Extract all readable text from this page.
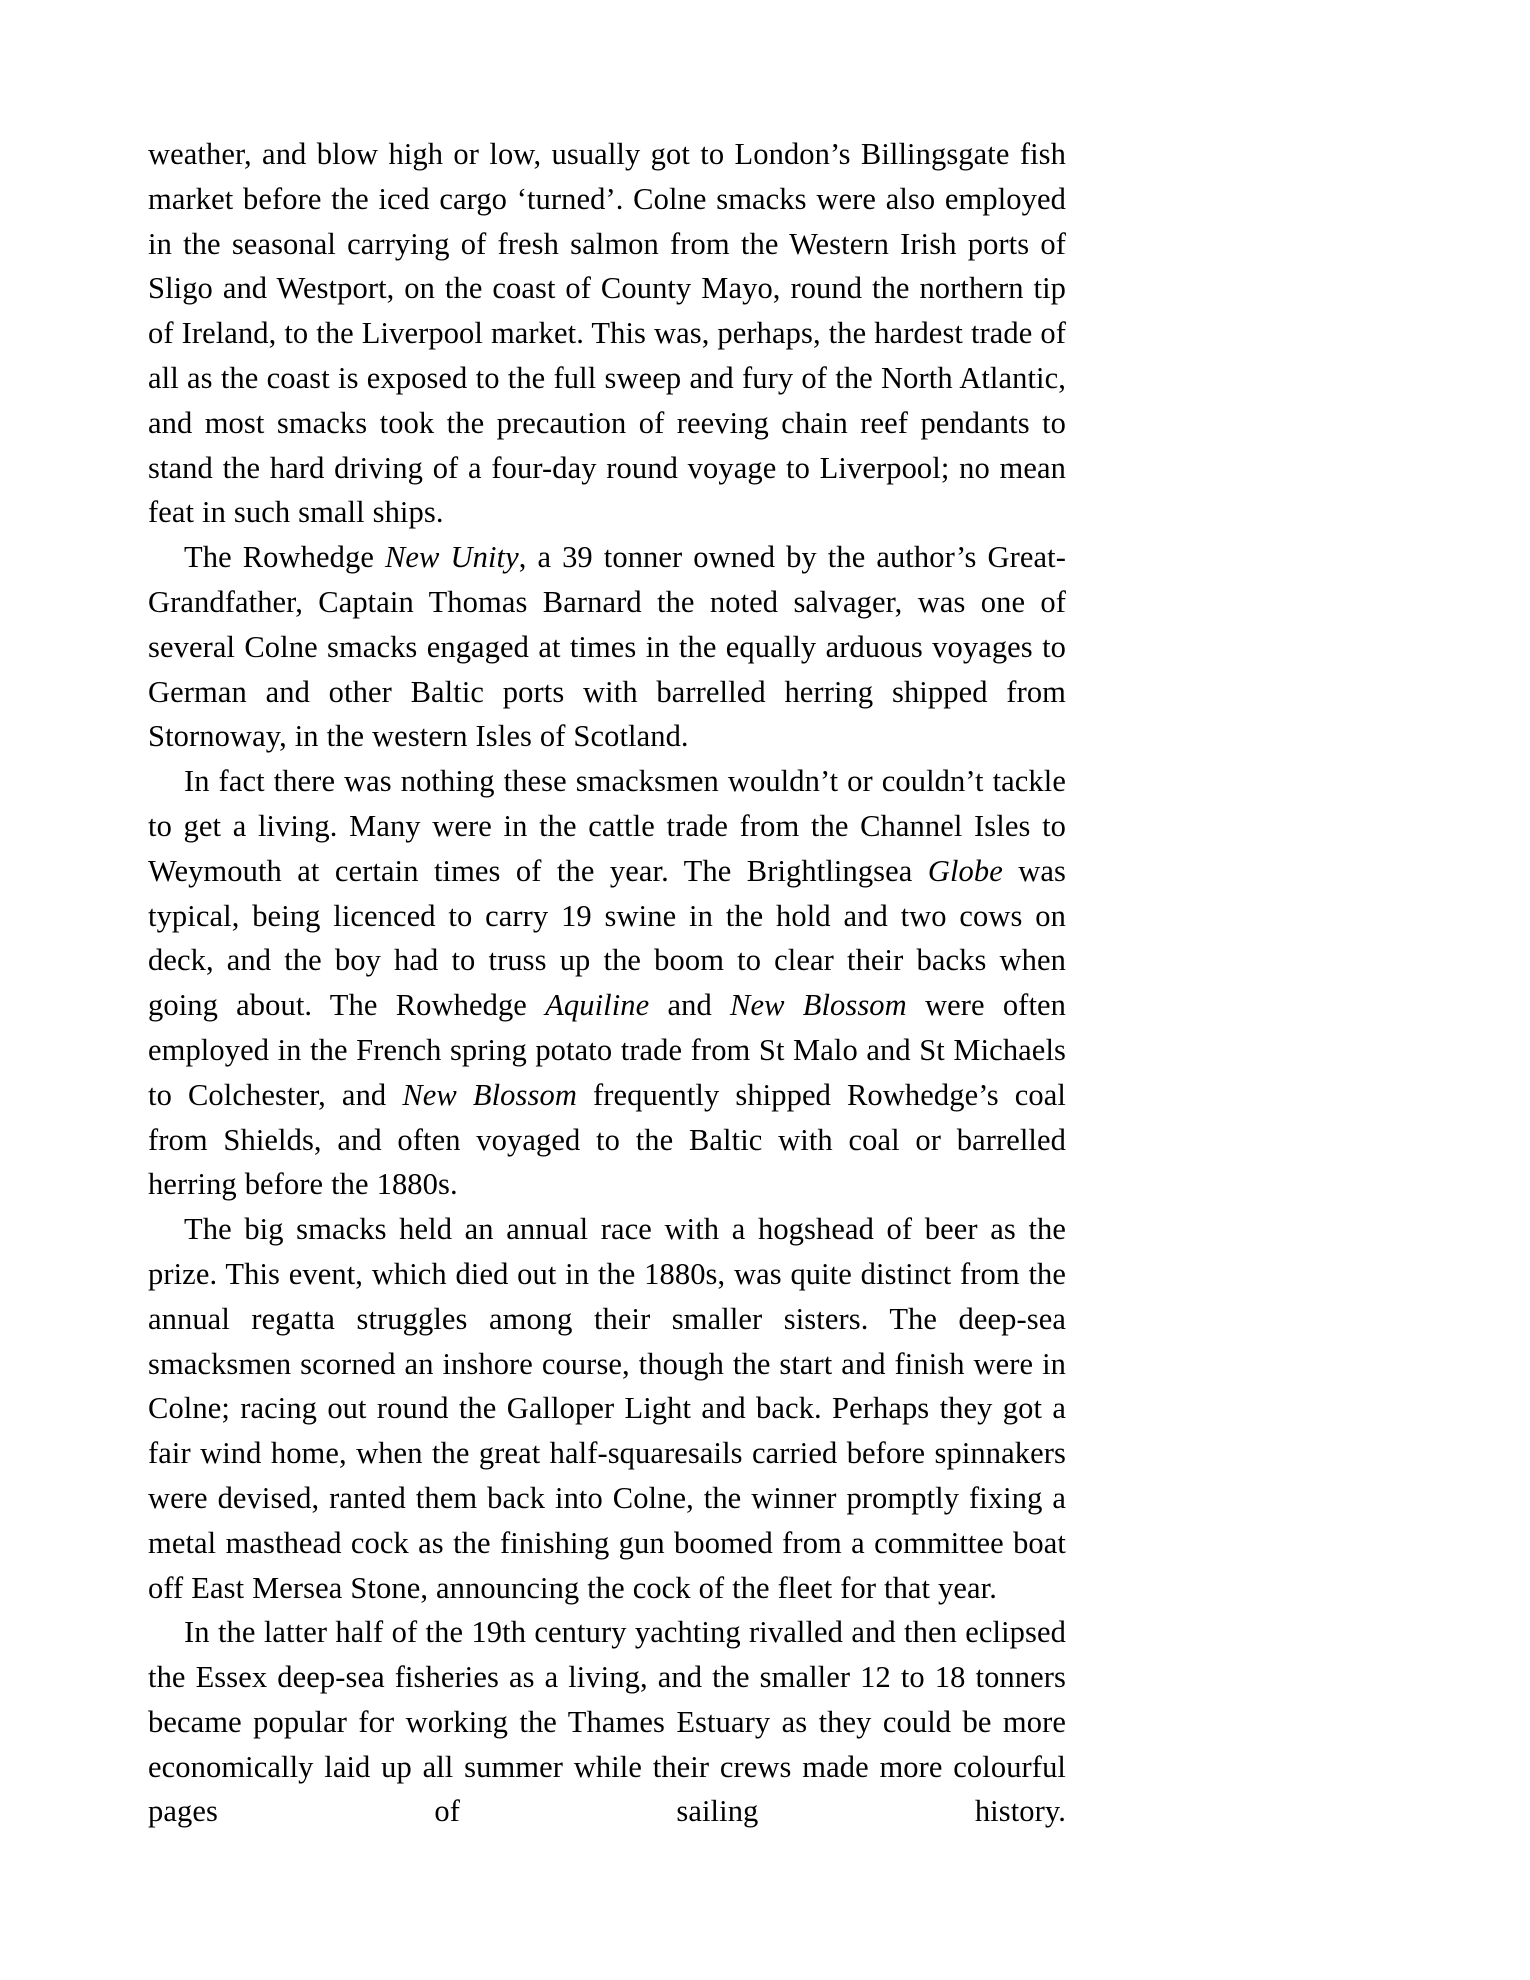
weather, and blow high or low, usually got to London’s Billingsgate fish market before the iced cargo ‘turned’. Colne smacks were also employed in the seasonal carrying of fresh salmon from the Western Irish ports of Sligo and Westport, on the coast of County Mayo, round the northern tip of Ireland, to the Liverpool market. This was, perhaps, the hardest trade of all as the coast is exposed to the full sweep and fury of the North Atlantic, and most smacks took the precaution of reeving chain reef pendants to stand the hard driving of a four-day round voyage to Liverpool; no mean feat in such small ships.

The Rowhedge New Unity, a 39 tonner owned by the author’s Great-Grandfather, Captain Thomas Barnard the noted salvager, was one of several Colne smacks engaged at times in the equally arduous voyages to German and other Baltic ports with barrelled herring shipped from Stornoway, in the western Isles of Scotland.

In fact there was nothing these smacksmen wouldn’t or couldn’t tackle to get a living. Many were in the cattle trade from the Channel Isles to Weymouth at certain times of the year. The Brightlingsea Globe was typical, being licenced to carry 19 swine in the hold and two cows on deck, and the boy had to truss up the boom to clear their backs when going about. The Rowhedge Aquiline and New Blossom were often employed in the French spring potato trade from St Malo and St Michaels to Colchester, and New Blossom frequently shipped Rowhedge’s coal from Shields, and often voyaged to the Baltic with coal or barrelled herring before the 1880s.

The big smacks held an annual race with a hogshead of beer as the prize. This event, which died out in the 1880s, was quite distinct from the annual regatta struggles among their smaller sisters. The deep-sea smacksmen scorned an inshore course, though the start and finish were in Colne; racing out round the Galloper Light and back. Perhaps they got a fair wind home, when the great half-squaresails carried before spinnakers were devised, ranted them back into Colne, the winner promptly fixing a metal masthead cock as the finishing gun boomed from a committee boat off East Mersea Stone, announcing the cock of the fleet for that year.

In the latter half of the 19th century yachting rivalled and then eclipsed the Essex deep-sea fisheries as a living, and the smaller 12 to 18 tonners became popular for working the Thames Estuary as they could be more economically laid up all summer while their crews made more colourful pages of sailing history.
